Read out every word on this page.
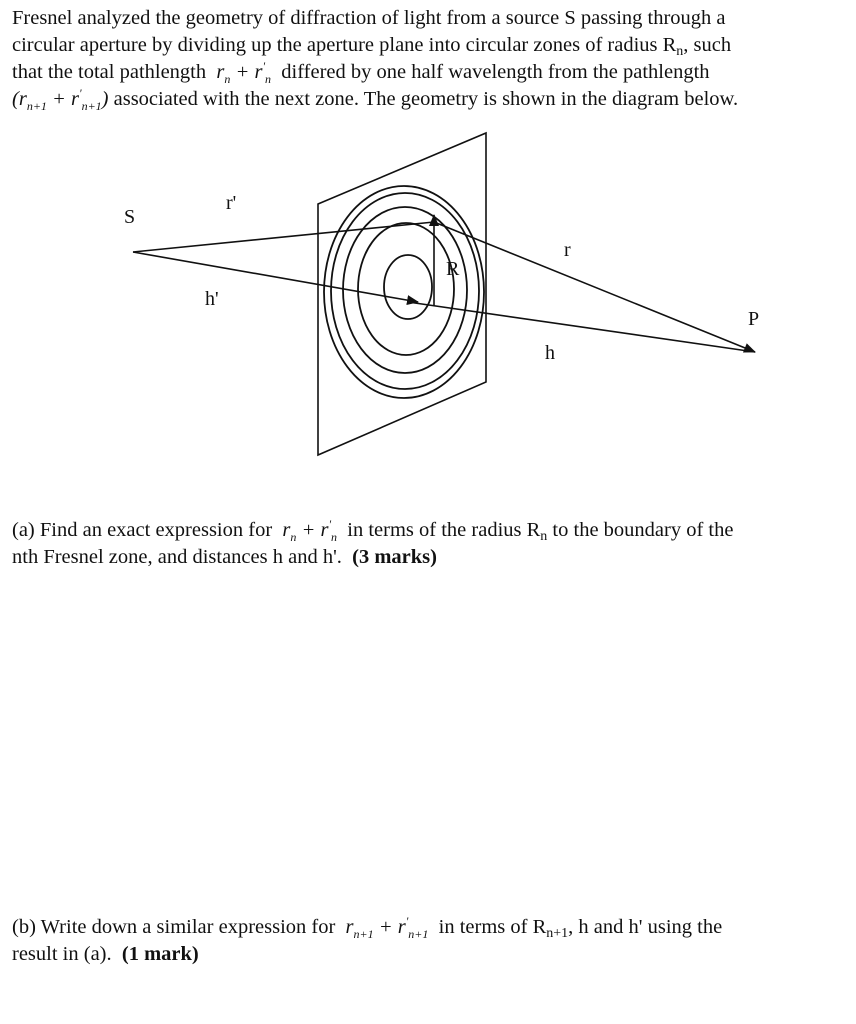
Fresnel analyzed the geometry of diffraction of light from a source S passing through a
circular aperture by dividing up the aperture plane into circular zones of radius Rn, such
that the total pathlength $r_n + r'_n$ differed by one half wavelength from the pathlength
$(r_{n+1} + r'_{n+1})$ associated with the next zone. The geometry is shown in the diagram below.
S
r'
r
R
h'
h
P
(a) Find an exact expression for $r_n + r'_n$ in terms of the radius Rn to the boundary of the
nth Fresnel zone, and distances h and h'. (3 marks)
(b) Write down a similar expression for $r_{n+1} + r'_{n+1}$ in terms of Rn+1, h and h' using the
result in (a). (1 mark)
